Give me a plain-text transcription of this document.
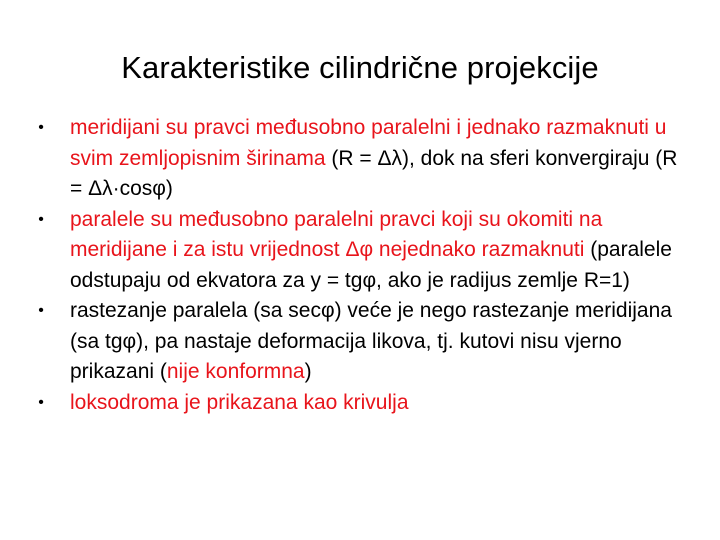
Karakteristike cilindrične projekcije
• meridijani su pravci međusobno paralelni i jednako razmaknuti u svim zemljopisnim širinama (R = Δλ), dok na sferi konvergiraju (R = Δλ·cosφ)
• paralele su međusobno paralelni pravci koji su okomiti na meridijane i za istu vrijednost Δφ nejednako razmaknuti (paralele odstupaju od ekvatora za y = tgφ, ako je radijus zemlje R=1)
• rastezanje paralela (sa secφ) veće je nego rastezanje meridijana (sa tgφ), pa nastaje deformacija likova, tj. kutovi nisu vjerno prikazani (nije konformna)
• loksodroma je prikazana kao krivulja
